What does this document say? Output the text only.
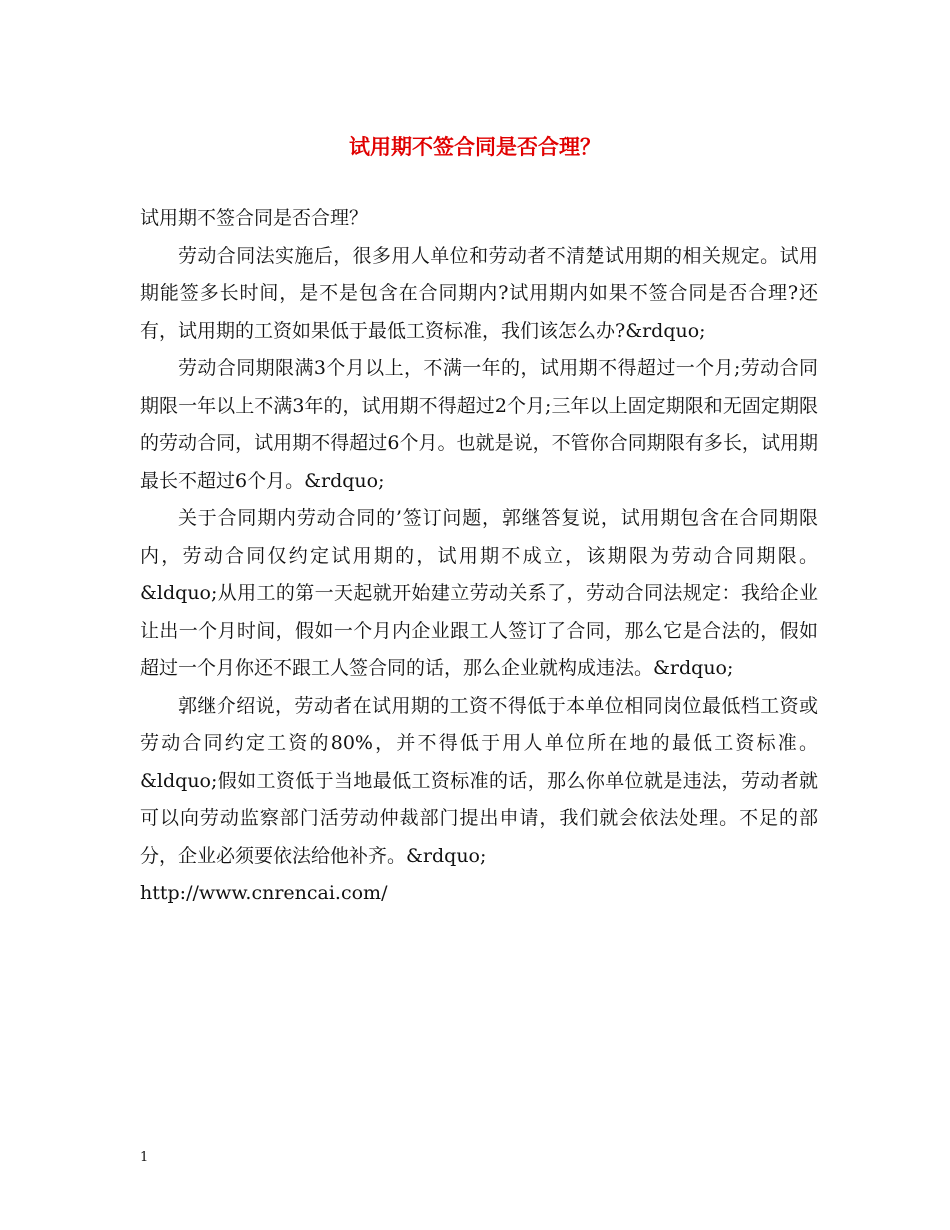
试用期不签合同是否合理？

试用期不签合同是否合理？

劳动合同法实施后，很多用人单位和劳动者不清楚试用期的相关规定。试用期能签多长时间，是不是包含在合同期内?试用期内如果不签合同是否合理?还有，试用期的工资如果低于最低工资标准，我们该怎么办?&rdquo;

劳动合同期限满3个月以上，不满一年的，试用期不得超过一个月;劳动合同期限一年以上不满3年的，试用期不得超过2个月;三年以上固定期限和无固定期限的劳动合同，试用期不得超过6个月。也就是说，不管你合同期限有多长，试用期最长不超过6个月。&rdquo;

关于合同期内劳动合同的’签订问题，郭继答复说，试用期包含在合同期限内，劳动合同仅约定试用期的，试用期不成立，该期限为劳动合同期限。&ldquo;从用工的第一天起就开始建立劳动关系了，劳动合同法规定：我给企业让出一个月时间，假如一个月内企业跟工人签订了合同，那么它是合法的，假如超过一个月你还不跟工人签合同的话，那么企业就构成违法。&rdquo;

郭继介绍说，劳动者在试用期的工资不得低于本单位相同岗位最低档工资或劳动合同约定工资的80%，并不得低于用人单位所在地的最低工资标准。&ldquo;假如工资低于当地最低工资标准的话，那么你单位就是违法，劳动者就可以向劳动监察部门活劳动仲裁部门提出申请，我们就会依法处理。不足的部分，企业必须要依法给他补齐。&rdquo;

http://www.cnrencai.com/

1
